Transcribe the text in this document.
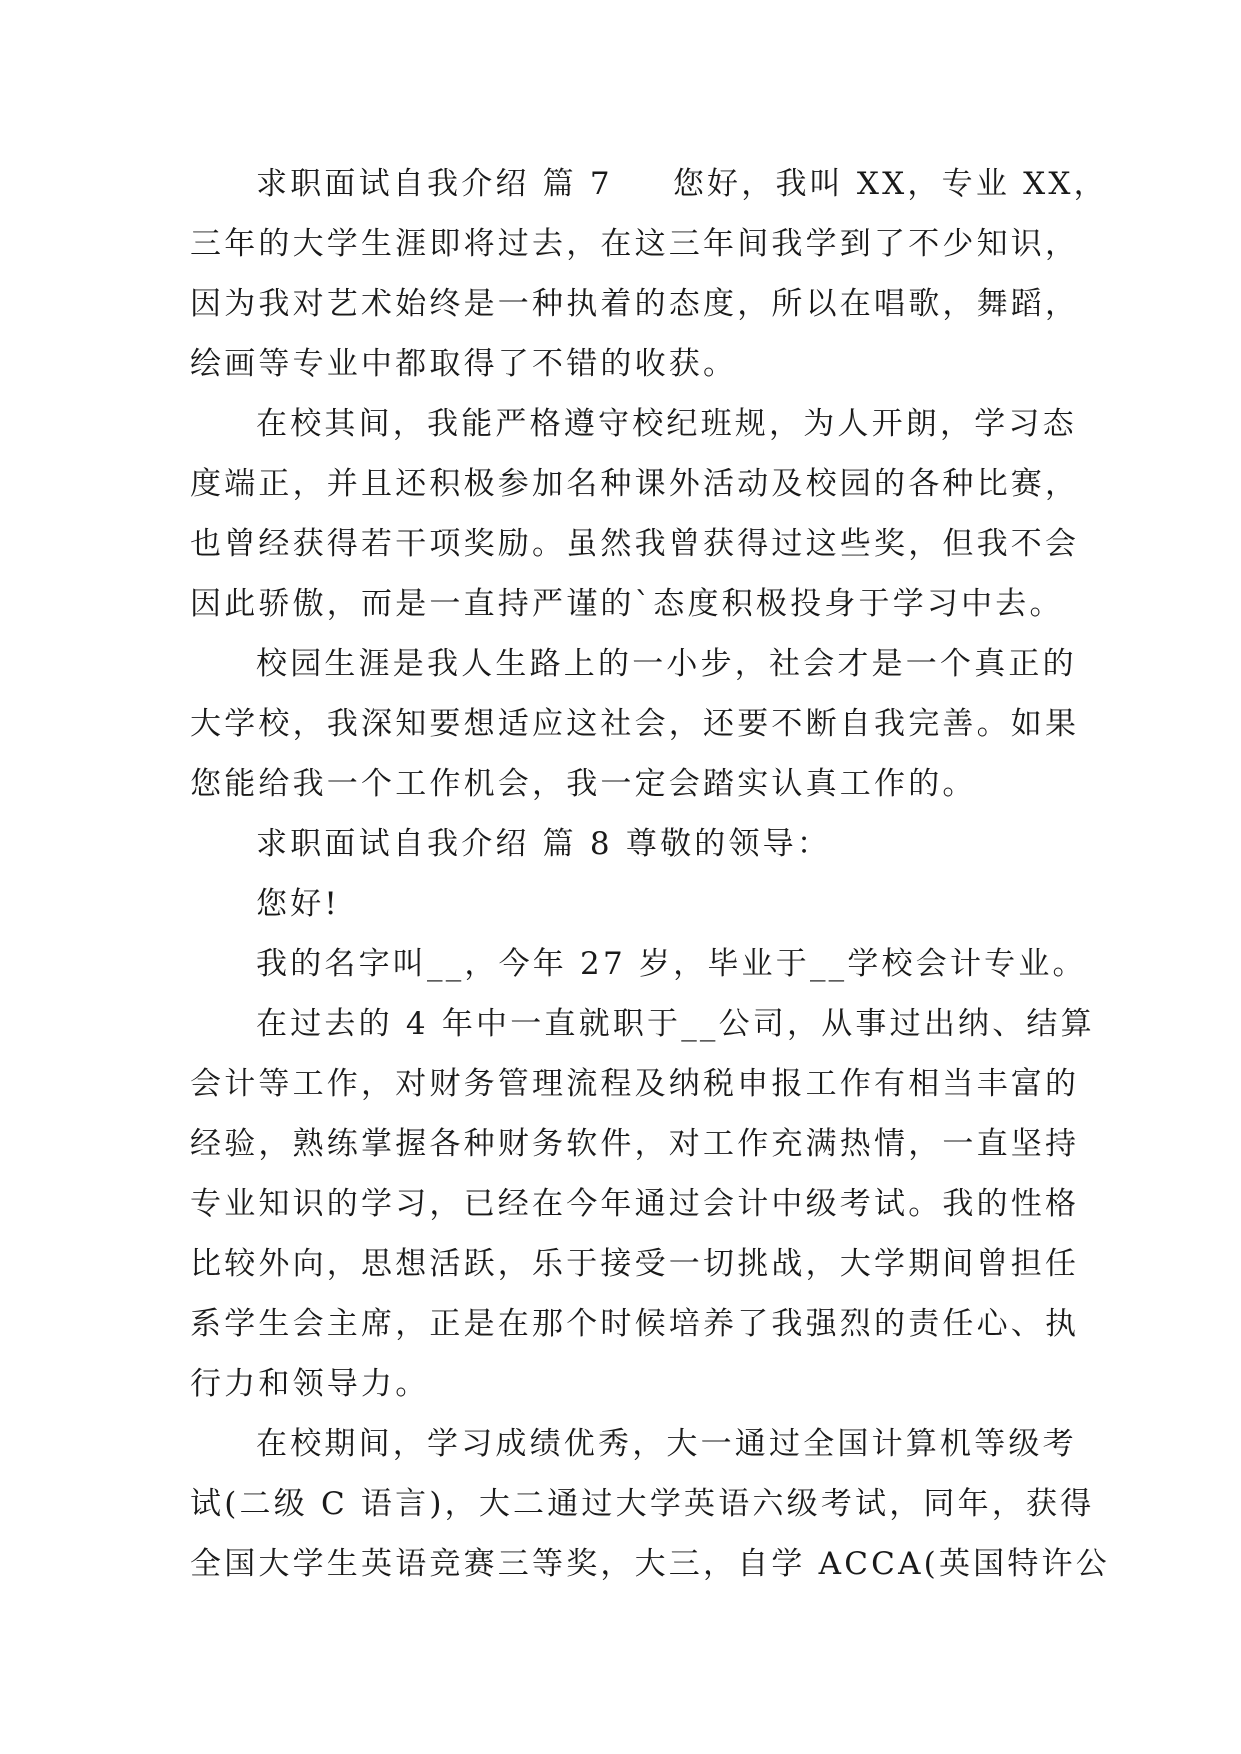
求职面试自我介绍 篇 7 您好，我叫 XX，专业 XX，
三年的大学生涯即将过去，在这三年间我学到了不少知识，
因为我对艺术始终是一种执着的态度，所以在唱歌，舞蹈，
绘画等专业中都取得了不错的收获。
在校其间，我能严格遵守校纪班规，为人开朗，学习态
度端正，并且还积极参加名种课外活动及校园的各种比赛，
也曾经获得若干项奖励。虽然我曾获得过这些奖，但我不会
因此骄傲，而是一直持严谨的`态度积极投身于学习中去。
校园生涯是我人生路上的一小步，社会才是一个真正的
大学校，我深知要想适应这社会，还要不断自我完善。如果
您能给我一个工作机会，我一定会踏实认真工作的。
求职面试自我介绍 篇 8 尊敬的领导：
您好!
我的名字叫__，今年 27 岁，毕业于__学校会计专业。
在过去的 4 年中一直就职于__公司，从事过出纳、结算
会计等工作，对财务管理流程及纳税申报工作有相当丰富的
经验，熟练掌握各种财务软件，对工作充满热情，一直坚持
专业知识的学习，已经在今年通过会计中级考试。我的性格
比较外向，思想活跃，乐于接受一切挑战，大学期间曾担任
系学生会主席，正是在那个时候培养了我强烈的责任心、执
行力和领导力。
在校期间，学习成绩优秀，大一通过全国计算机等级考
试(二级 C 语言)，大二通过大学英语六级考试，同年，获得
全国大学生英语竞赛三等奖，大三，自学 ACCA(英国特许公
